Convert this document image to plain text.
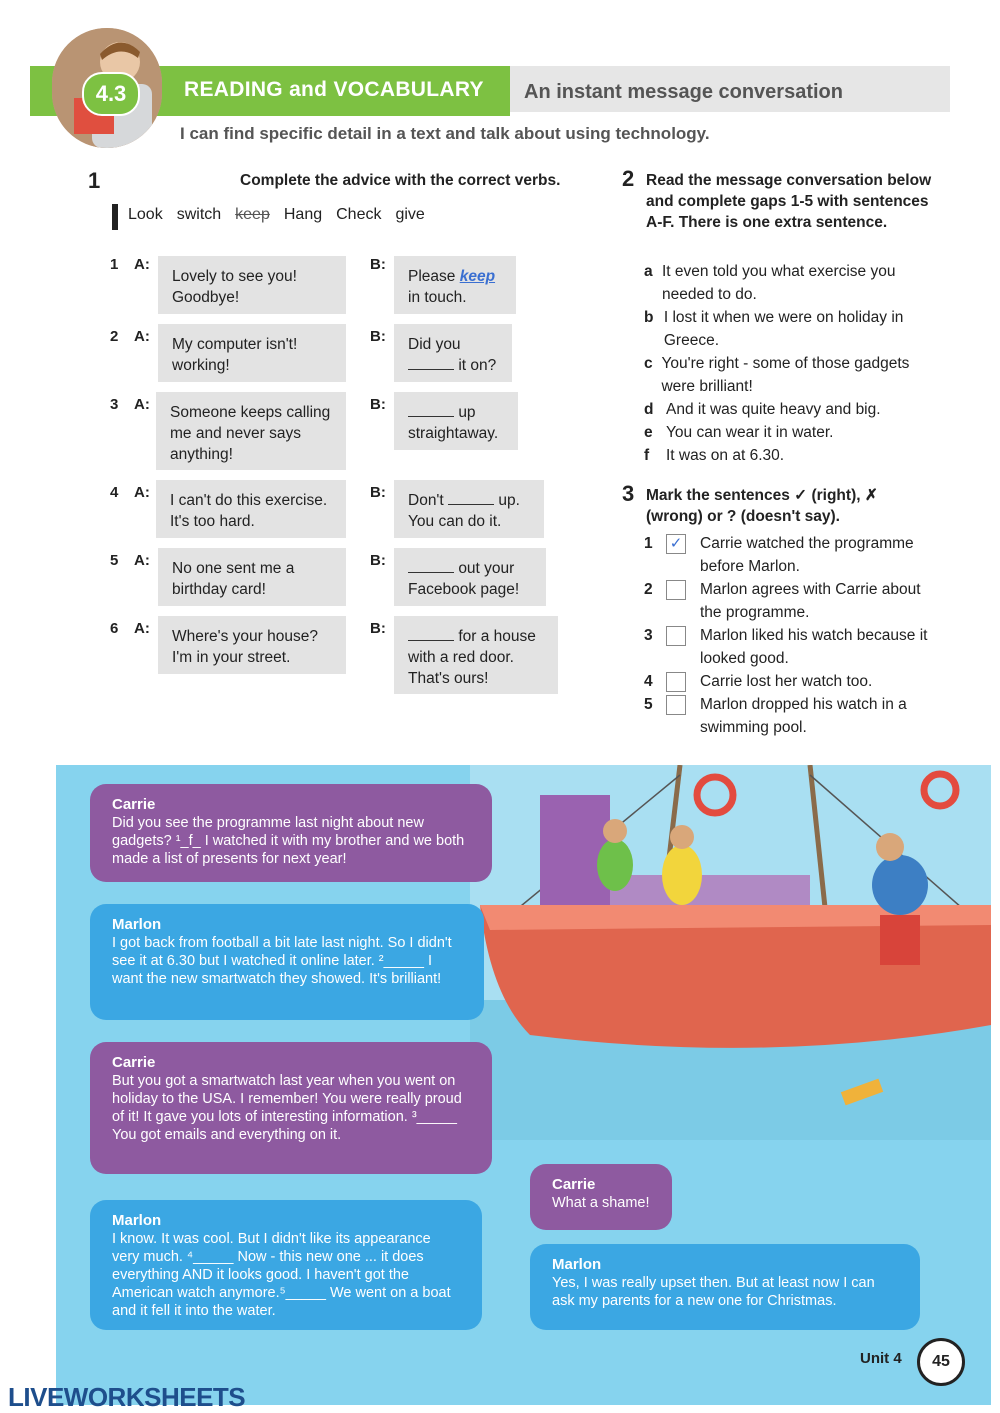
4.3	READING and VOCABULARY An instant message conversation
I can find specific detail in a text and talk about using technology.
1	Complete the advice with the correct verbs.
Look switch keep Hang Check give
1 A:
Lovely to see you! Goodbye!
B:
Please keep in touch.
2 A:	My computer isn't! working!
B:	Did you
it on?
3 A:	Someone keeps calling me and never says anything!
B:	up straightaway.
4 A:	I can't do this exercise. It's too hard.
B:	Don't	up. You can do it.
5 A:	No one sent me a birthday card!
B:	out your Facebook page!
6 A:	Where's your house? I'm in your street.
B:	for a house with a red door. That's ours!
2 Read the message conversation below and complete gaps 1-5 with sentences A-F. There is one extra sentence.
a It even told you what exercise you needed to do.
b I lost it when we were on holiday in Greece.
c You're right - some of those gadgets were brilliant!
d And it was quite heavy and big.
e You can wear it in water.
f	It was on at 6.30.
3 Mark the sentences ✓ (right), ✗ (wrong) or ? (doesn't say).
1	✓	Carrie watched the programme before Marlon.
2	Marlon agrees with Carrie about the programme.
3	Marlon liked his watch because it looked good.
4	Carrie lost her watch too.
5	Marlon dropped his watch in a swimming pool.
Carrie
Did you see the programme last night about new gadgets? ¹_f_ I watched it with my brother and we both made a list of presents for next year!
Marlon
I got back from football a bit late last night. So I didn't see it at 6.30 but I watched it online later. ²_____ I want the new smartwatch they showed. It's brilliant!
Carrie
But you got a smartwatch last year when you went on holiday to the USA. I remember! You were really proud of it! It gave you lots of interesting information. ³_____ You got emails and everything on it.
Marlon
I know. It was cool. But I didn't like its appearance very much. ⁴_____ Now - this new one ... it does everything AND it looks good. I haven't got the American watch anymore.⁵_____ We went on a boat and it fell it into the water.
Carrie
What a shame!
Marlon
Yes, I was really upset then. But at least now I can ask my parents for a new one for Christmas.
Unit 4	45
LIVEWORKSHEETS
